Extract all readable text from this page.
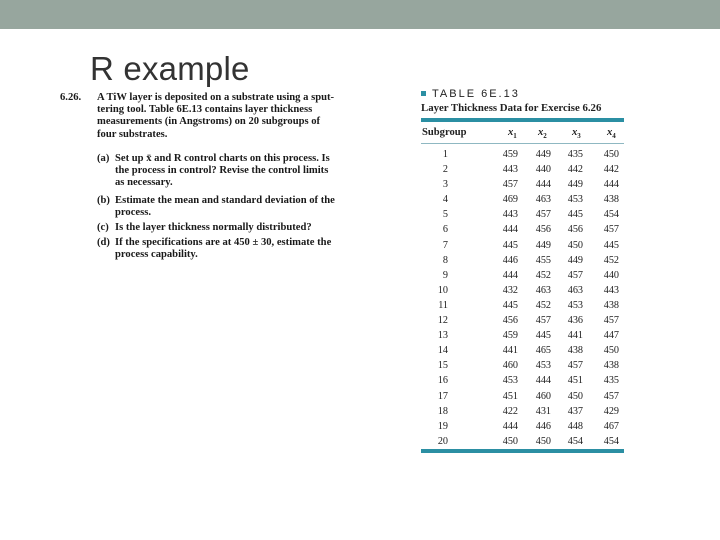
R example
6.26. A TiW layer is deposited on a substrate using a sput-
tering tool. Table 6E.13 contains layer thickness
measurements (in Angstroms) on 20 subgroups of
four substrates.
(a) Set up x̄ and R control charts on this process. Is
the process in control? Revise the control limits
as necessary.
(b) Estimate the mean and standard deviation of the
process.
(c) Is the layer thickness normally distributed?
(d) If the specifications are at 450 ± 30, estimate the
process capability.
TABLE 6E.13
Layer Thickness Data for Exercise 6.26
Subgroup	$x_1$ $x_2$ $x_3$ $x_4$
1	459	449	435	450
2	443	440	442	442
3	457	444	449	444
4	469	463	453	438
5	443	457	445	454
6	444	456	456	457
7	445	449	450	445
8	446	455	449	452
9	444	452	457	440
10	432	463	463	443
11	445	452	453	438
12	456	457	436	457
13	459	445	441	447
14	441	465	438	450
15	460	453	457	438
16	453	444	451	435
17	451	460	450	457
18	422	431	437	429
19	444	446	448	467
20	450	450	454	454
